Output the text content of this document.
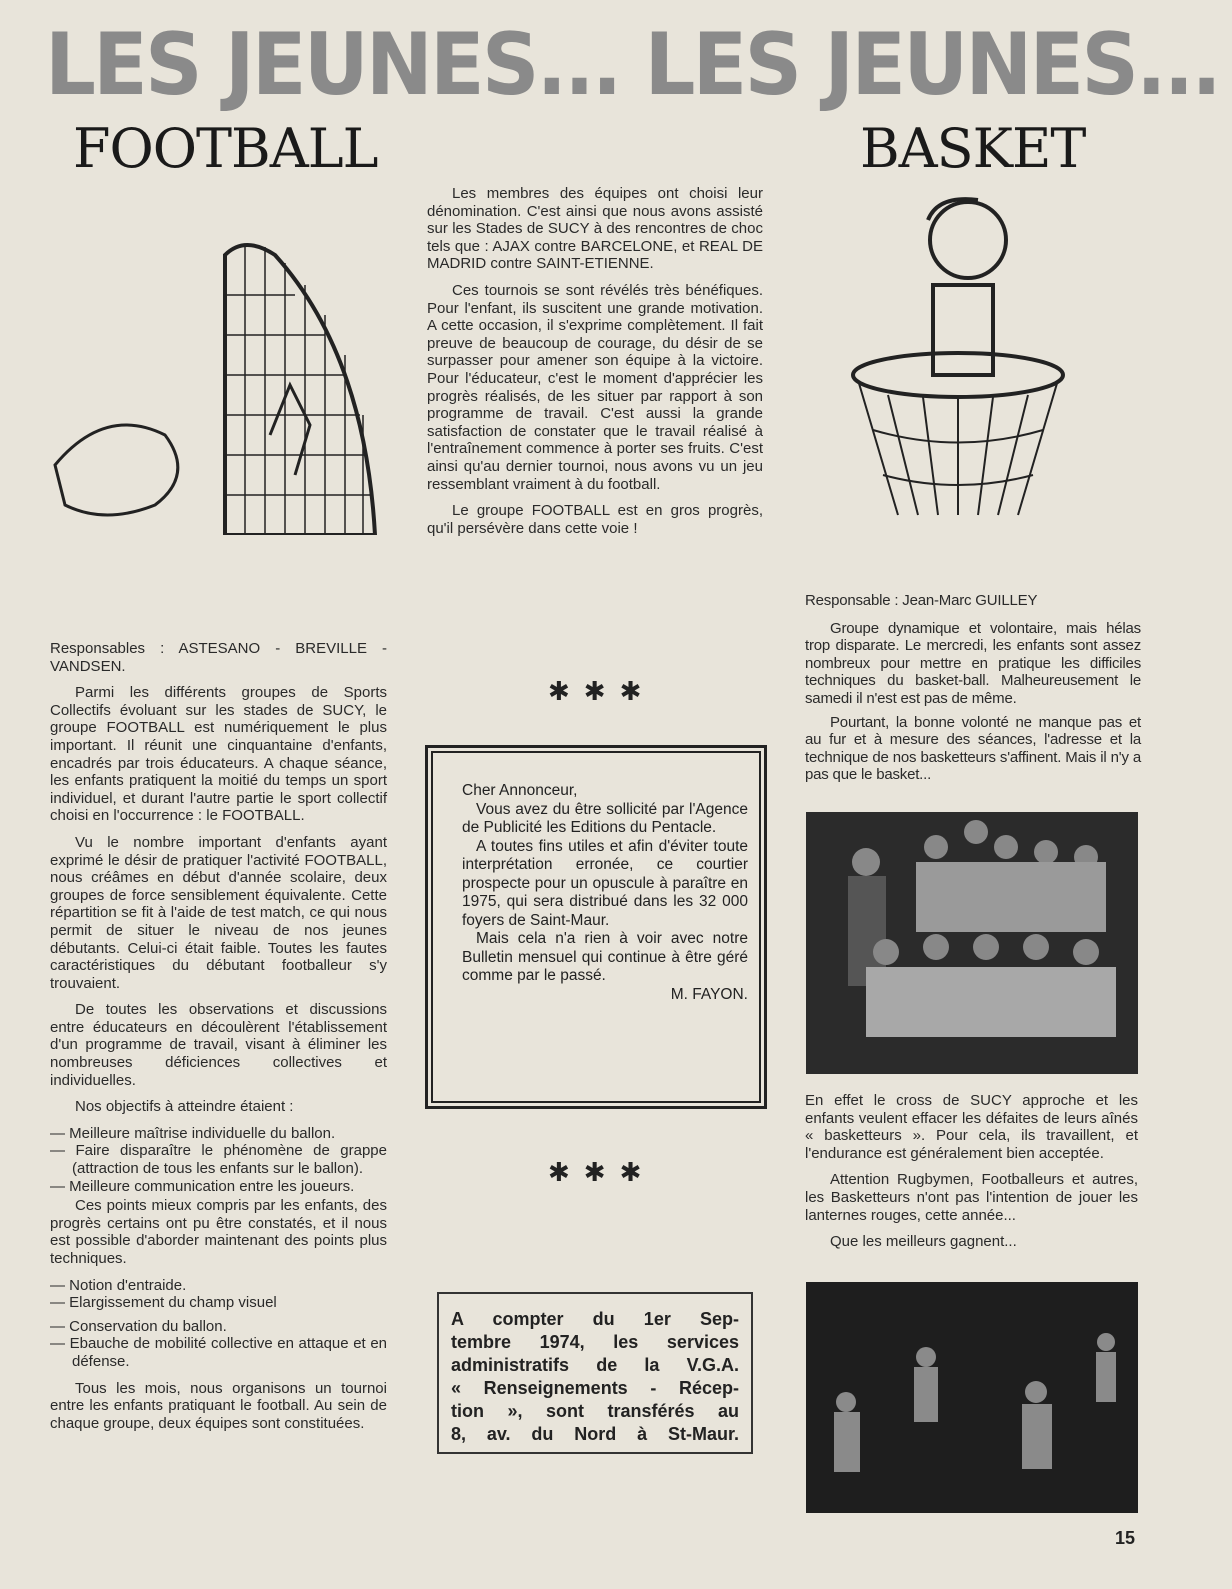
LES JEUNES... LES JEUNES...
FOOTBALL	BASKET

Responsables : ASTESANO - BREVILLE - VANDSEN.

Parmi les différents groupes de Sports Collectifs évoluant sur les stades de SUCY, le groupe FOOTBALL est numériquement le plus important. Il réunit une cinquantaine d'enfants, encadrés par trois éducateurs. A chaque séance, les enfants pratiquent la moitié du temps un sport individuel, et durant l'autre partie le sport collectif choisi en l'occurrence : le FOOTBALL.

Vu le nombre important d'enfants ayant exprimé le désir de pratiquer l'activité FOOTBALL, nous créâmes en début d'année scolaire, deux groupes de force sensiblement équivalente. Cette répartition se fit à l'aide de test match, ce qui nous permit de situer le niveau de nos jeunes débutants. Celui-ci était faible. Toutes les fautes caractéristiques du débutant footballeur s'y trouvaient.

De toutes les observations et discussions entre éducateurs en découlèrent l'établissement d'un programme de travail, visant à éliminer les nombreuses déficiences collectives et individuelles.

Nos objectifs à atteindre étaient :

— Meilleure maîtrise individuelle du ballon.
— Faire disparaître le phénomène de grappe (attraction de tous les enfants sur le ballon).
— Meilleure communication entre les joueurs.

Ces points mieux compris par les enfants, des progrès certains ont pu être constatés, et il nous est possible d'aborder maintenant des points plus techniques.

— Notion d'entraide.
— Elargissement du champ visuel
— Conservation du ballon.
— Ebauche de mobilité collective en attaque et en défense.

Tous les mois, nous organisons un tournoi entre les enfants pratiquant le football. Au sein de chaque groupe, deux équipes sont constituées.

Les membres des équipes ont choisi leur dénomination. C'est ainsi que nous avons assisté sur les Stades de SUCY à des rencontres de choc tels que : AJAX contre BARCELONE, et REAL DE MADRID contre SAINT-ETIENNE.

Ces tournois se sont révélés très bénéfiques. Pour l'enfant, ils suscitent une grande motivation. A cette occasion, il s'exprime complètement. Il fait preuve de beaucoup de courage, du désir de se surpasser pour amener son équipe à la victoire. Pour l'éducateur, c'est le moment d'apprécier les progrès réalisés, de les situer par rapport à son programme de travail. C'est aussi la grande satisfaction de constater que le travail réalisé à l'entraînement commence à porter ses fruits. C'est ainsi qu'au dernier tournoi, nous avons vu un jeu ressemblant vraiment à du football.

Le groupe FOOTBALL est en gros progrès, qu'il persévère dans cette voie !

✱✱✱

Cher Annonceur,

Vous avez du être sollicité par l'Agence de Publicité les Editions du Pentacle.

A toutes fins utiles et afin d'éviter toute interprétation erronée, ce courtier prospecte pour un opuscule à paraître en 1975, qui sera distribué dans les 32 000 foyers de Saint-Maur.

Mais cela n'a rien à voir avec notre Bulletin mensuel qui continue à être géré comme par le passé.

M. FAYON.

✱✱✱
A compter du 1er Sep-
tembre 1974, les services
administratifs de la V.G.A.
« Renseignements - Récep-
tion », sont transférés au
8, av. du Nord à St-Maur.

Responsable : Jean-Marc GUILLEY

Groupe dynamique et volontaire, mais hélas trop disparate. Le mercredi, les enfants sont assez nombreux pour mettre en pratique les difficiles techniques du basket-ball. Malheureusement le samedi il n'est est pas de même.

Pourtant, la bonne volonté ne manque pas et au fur et à mesure des séances, l'adresse et la technique de nos basketteurs s'affinent. Mais il n'y a pas que le basket...

En effet le cross de SUCY approche et les enfants veulent effacer les défaites de leurs aînés « basketteurs ». Pour cela, ils travaillent, et l'endurance est généralement bien acceptée.

Attention Rugbymen, Footballeurs et autres, les Basketteurs n'ont pas l'intention de jouer les lanternes rouges, cette année...

Que les meilleurs gagnent...

15
